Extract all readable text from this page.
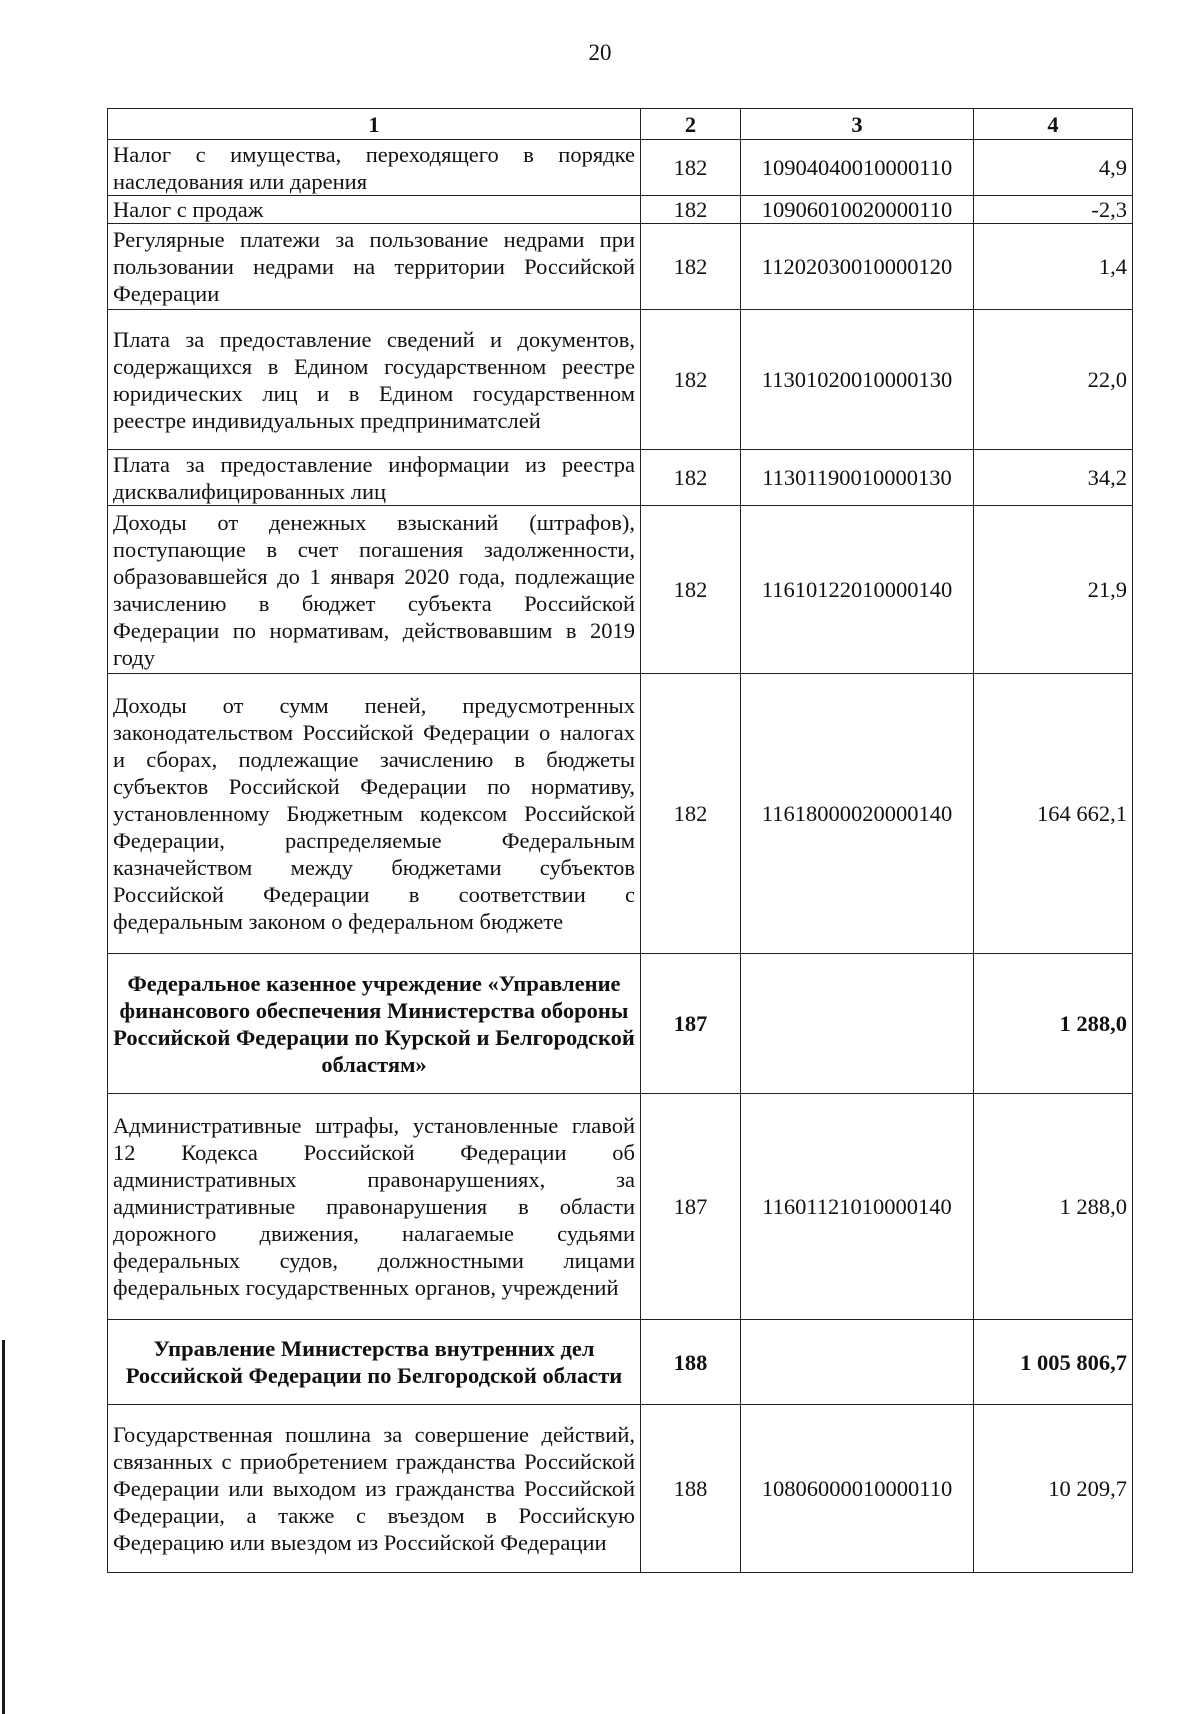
20
1	2	3	4
Налог с имущества, переходящего в порядке наследования или дарения	182	10904040010000110	4,9
Налог с продаж	182	10906010020000110	-2,3
Регулярные платежи за пользование недрами при пользовании недрами на территории Российской Федерации	182	11202030010000120	1,4
Плата за предоставление сведений и документов, содержащихся в Едином государственном реестре юридических лиц и в Едином государственном реестре индивидуальных предприниматслей	182	11301020010000130	22,0
Плата за предоставление информации из реестра дисквалифицированных лиц	182	11301190010000130	34,2
Доходы от денежных взысканий (штрафов), поступающие в счет погашения задолженности, образовавшейся до 1 января 2020 года, подлежащие зачислению в бюджет субъекта Российской Федерации по нормативам, действовавшим в 2019 году	182	11610122010000140	21,9
Доходы от сумм пеней, предусмотренных законодательством Российской Федерации о налогах и сборах, подлежащие зачислению в бюджеты субъектов Российской Федерации по нормативу, установленному Бюджетным кодексом Российской Федерации, распределяемые Федеральным казначейством между бюджетами субъектов Российской Федерации в соответствии с федеральным законом о федеральном бюджете	182	11618000020000140	164 662,1
Федеральное казенное учреждение «Управление финансового обеспечения Министерства обороны Российской Федерации по Курской и Белгородской областям»	187		1 288,0
Административные штрафы, установленные главой 12 Кодекса Российской Федерации об административных правонарушениях, за административные правонарушения в области дорожного движения, налагаемые судьями федеральных судов, должностными лицами федеральных государственных органов, учреждений	187	11601121010000140	1 288,0
Управление Министерства внутренних дел Российской Федерации по Белгородской области	188		1 005 806,7
Государственная пошлина за совершение действий, связанных с приобретением гражданства Российской Федерации или выходом из гражданства Российской Федерации, а также с въездом в Российскую Федерацию или выездом из Российской Федерации	188	10806000010000110	10 209,7
